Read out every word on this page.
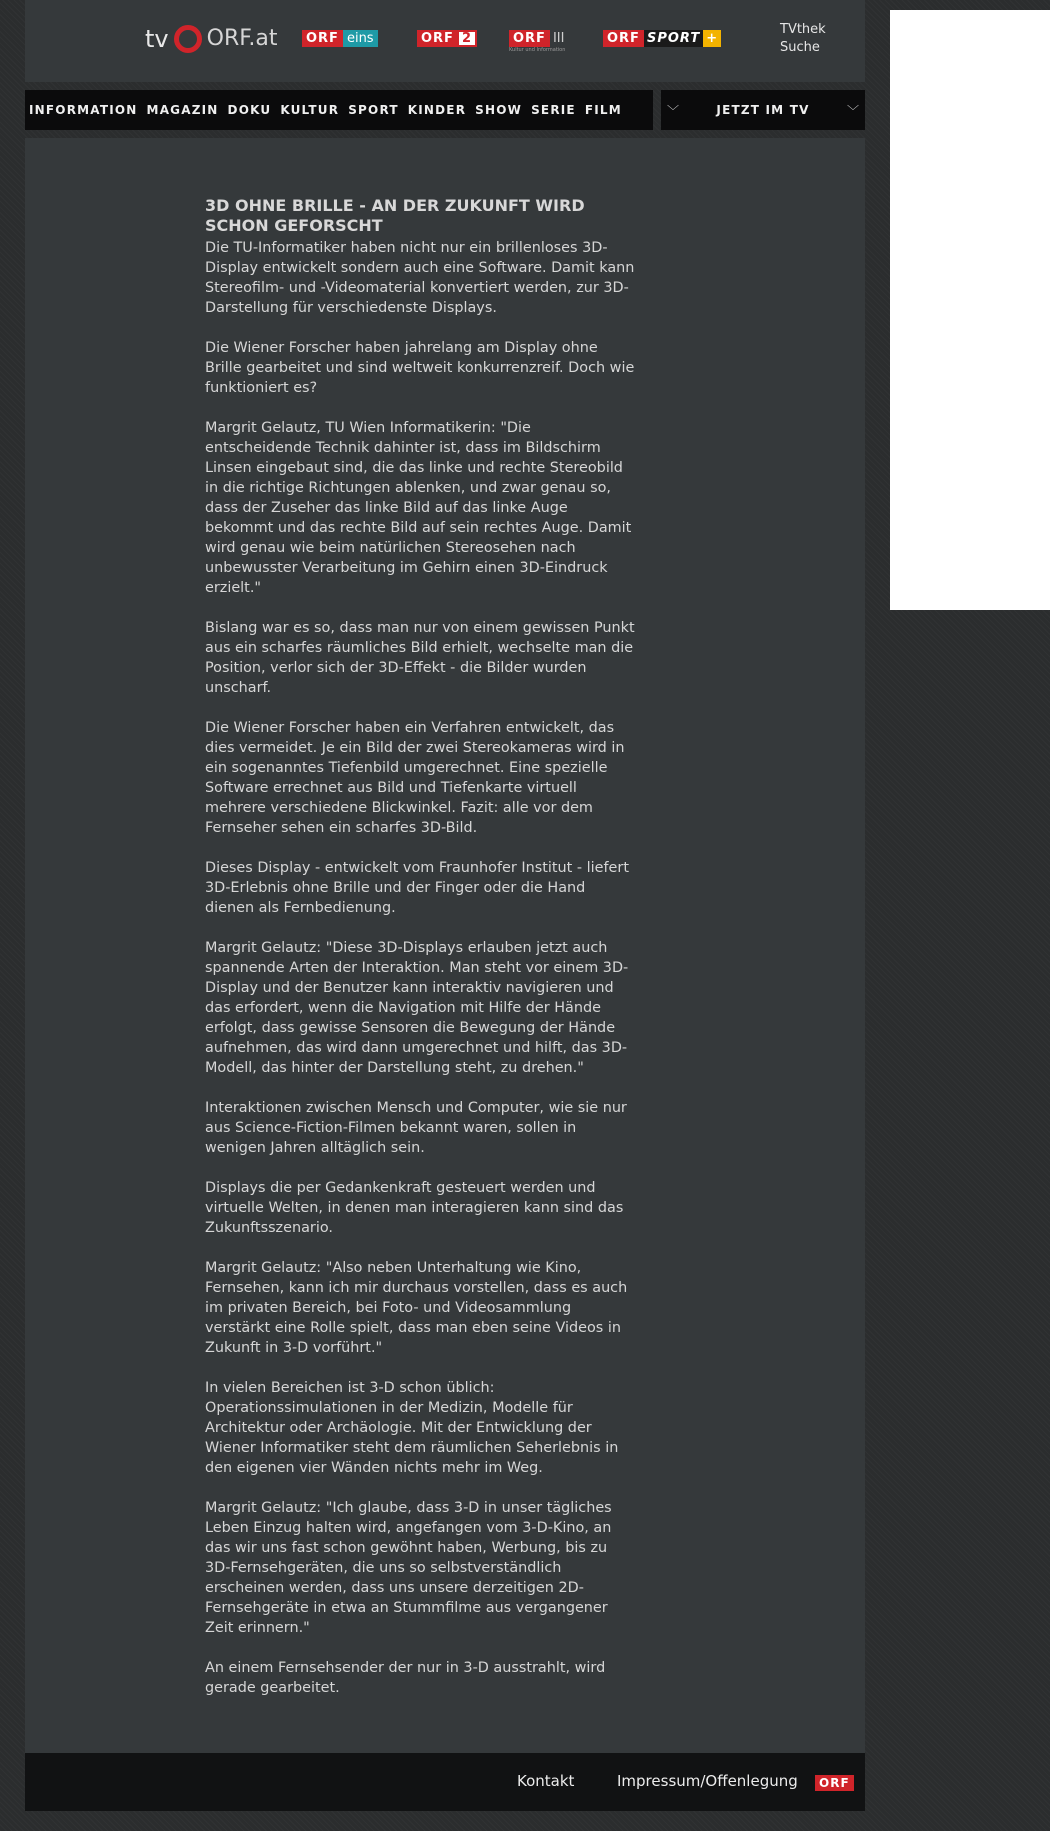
tv ORF.at	ORF eins	ORF 2	ORF III
Kultur und Information
ORF SPORT +
TVthek
Suche
INFORMATION MAGAZIN DOKU KULTUR SPORT KINDER SHOW SERIE FILM	﹀	JETZT IM TV	﹀
3D OHNE BRILLE - AN DER ZUKUNFT WIRD SCHON GEFORSCHT

Die TU-Informatiker haben nicht nur ein brillenloses 3D-Display entwickelt sondern auch eine Software. Damit kann Stereofilm- und -Videomaterial konvertiert werden, zur 3D-Darstellung für verschiedenste Displays.

Die Wiener Forscher haben jahrelang am Display ohne Brille gearbeitet und sind weltweit konkurrenzreif. Doch wie funktioniert es?

Margrit Gelautz, TU Wien Informatikerin: "Die entscheidende Technik dahinter ist, dass im Bildschirm Linsen eingebaut sind, die das linke und rechte Stereobild in die richtige Richtungen ablenken, und zwar genau so, dass der Zuseher das linke Bild auf das linke Auge bekommt und das rechte Bild auf sein rechtes Auge. Damit wird genau wie beim natürlichen Stereosehen nach unbewusster Verarbeitung im Gehirn einen 3D-Eindruck erzielt."

Bislang war es so, dass man nur von einem gewissen Punkt aus ein scharfes räumliches Bild erhielt, wechselte man die Position, verlor sich der 3D-Effekt - die Bilder wurden unscharf.

Die Wiener Forscher haben ein Verfahren entwickelt, das dies vermeidet. Je ein Bild der zwei Stereokameras wird in ein sogenanntes Tiefenbild umgerechnet. Eine spezielle Software errechnet aus Bild und Tiefenkarte virtuell mehrere verschiedene Blickwinkel. Fazit: alle vor dem Fernseher sehen ein scharfes 3D-Bild.

Dieses Display - entwickelt vom Fraunhofer Institut - liefert 3D-Erlebnis ohne Brille und der Finger oder die Hand dienen als Fernbedienung.

Margrit Gelautz: "Diese 3D-Displays erlauben jetzt auch spannende Arten der Interaktion. Man steht vor einem 3D-Display und der Benutzer kann interaktiv navigieren und das erfordert, wenn die Navigation mit Hilfe der Hände erfolgt, dass gewisse Sensoren die Bewegung der Hände aufnehmen, das wird dann umgerechnet und hilft, das 3D-Modell, das hinter der Darstellung steht, zu drehen."

Interaktionen zwischen Mensch und Computer, wie sie nur aus Science-Fiction-Filmen bekannt waren, sollen in wenigen Jahren alltäglich sein.

Displays die per Gedankenkraft gesteuert werden und virtuelle Welten, in denen man interagieren kann sind das Zukunftsszenario.

Margrit Gelautz: "Also neben Unterhaltung wie Kino, Fernsehen, kann ich mir durchaus vorstellen, dass es auch im privaten Bereich, bei Foto- und Videosammlung verstärkt eine Rolle spielt, dass man eben seine Videos in Zukunft in 3-D vorführt."

In vielen Bereichen ist 3-D schon üblich: Operationssimulationen in der Medizin, Modelle für Architektur oder Archäologie. Mit der Entwicklung der Wiener Informatiker steht dem räumlichen Seherlebnis in den eigenen vier Wänden nichts mehr im Weg.

Margrit Gelautz: "Ich glaube, dass 3-D in unser tägliches Leben Einzug halten wird, angefangen vom 3-D-Kino, an das wir uns fast schon gewöhnt haben, Werbung, bis zu 3D-Fernsehgeräten, die uns so selbstverständlich erscheinen werden, dass uns unsere derzeitigen 2D-Fernsehgeräte in etwa an Stummfilme aus vergangener Zeit erinnern."

An einem Fernsehsender der nur in 3-D ausstrahlt, wird gerade gearbeitet.

Kontakt	Impressum/Offenlegung	ORF
